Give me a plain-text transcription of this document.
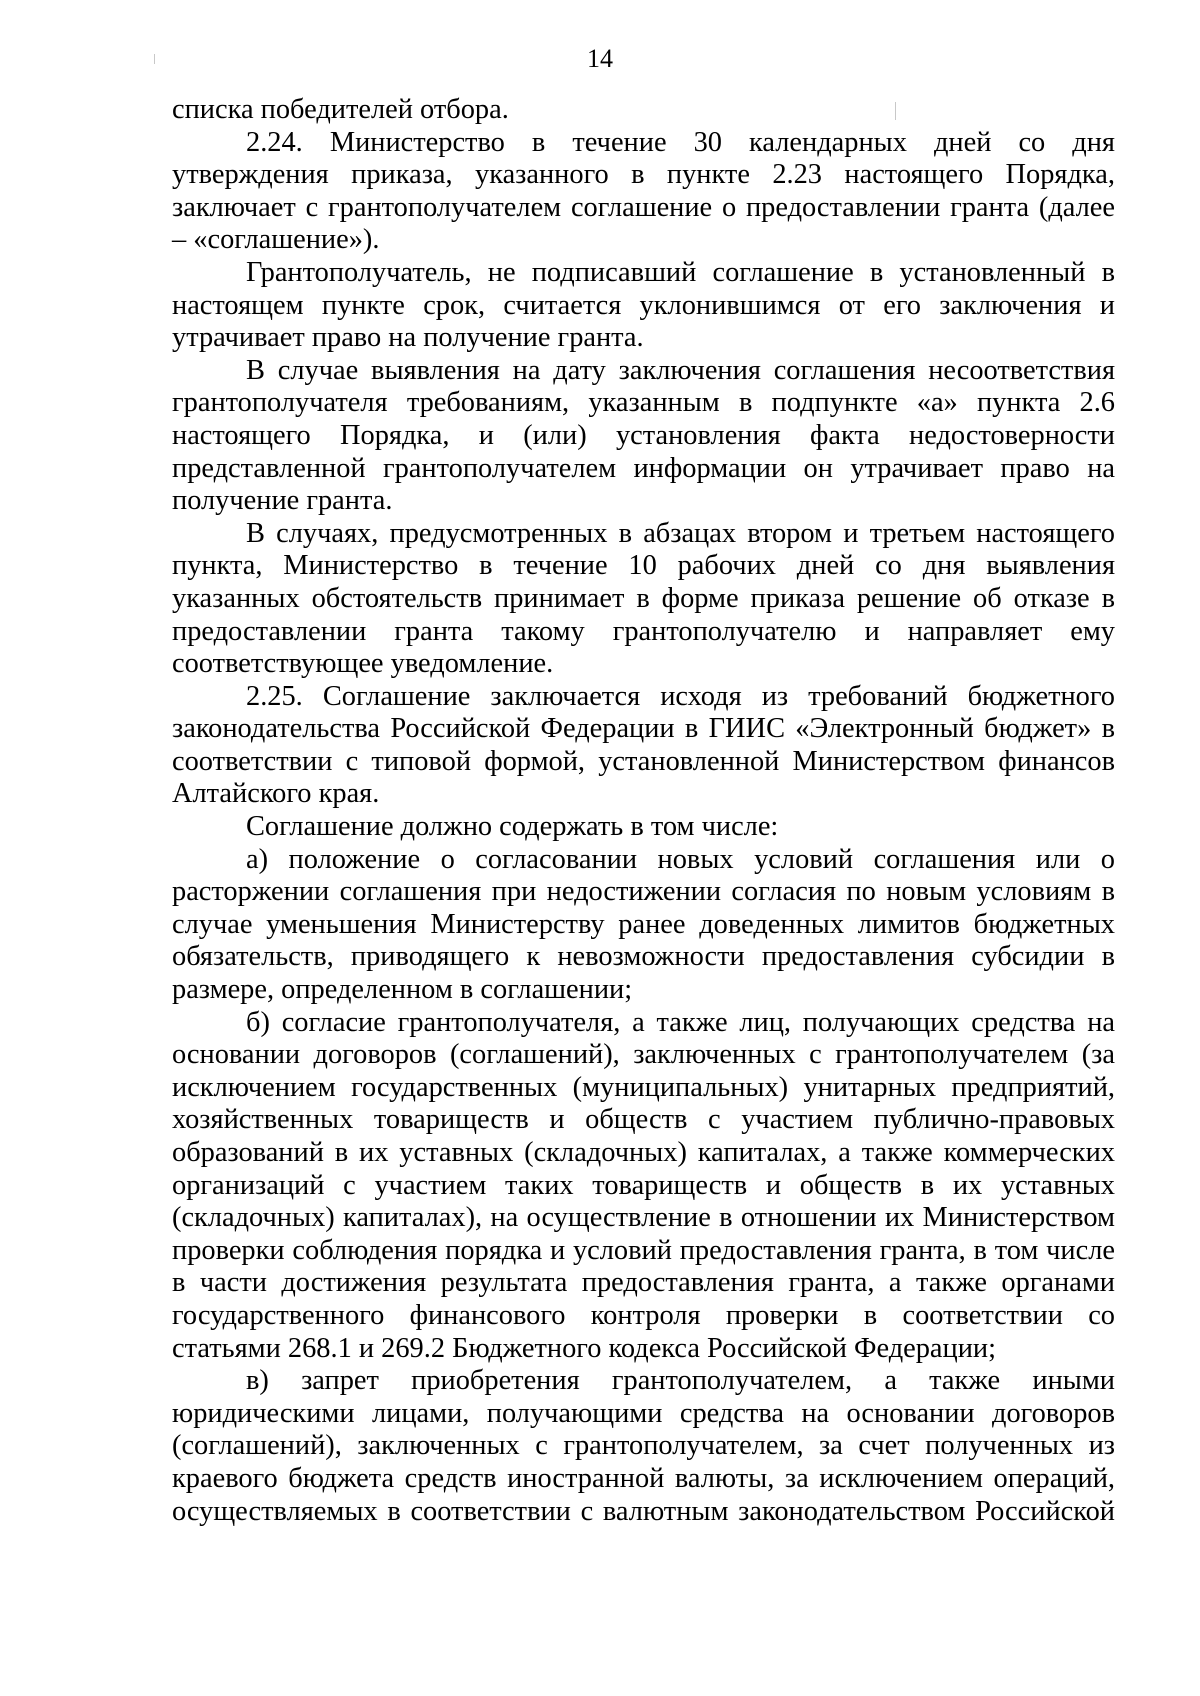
14

списка победителей отбора.

2.24. Министерство в течение 30 календарных дней со дня утверждения приказа, указанного в пункте 2.23 настоящего Порядка, заключает с грантополучателем соглашение о предоставлении гранта (далее – «соглашение»).

Грантополучатель, не подписавший соглашение в установленный в настоящем пункте срок, считается уклонившимся от его заключения и утрачивает право на получение гранта.

В случае выявления на дату заключения соглашения несоответствия грантополучателя требованиям, указанным в подпункте «а» пункта 2.6 настоящего Порядка, и (или) установления факта недостоверности представленной грантополучателем информации он утрачивает право на получение гранта.

В случаях, предусмотренных в абзацах втором и третьем настоящего пункта, Министерство в течение 10 рабочих дней со дня выявления указанных обстоятельств принимает в форме приказа решение об отказе в предоставлении гранта такому грантополучателю и направляет ему соответствующее уведомление.

2.25. Соглашение заключается исходя из требований бюджетного законодательства Российской Федерации в ГИИС «Электронный бюджет» в соответствии с типовой формой, установленной Министерством финансов Алтайского края.

Соглашение должно содержать в том числе:

а) положение о согласовании новых условий соглашения или о расторжении соглашения при недостижении согласия по новым условиям в случае уменьшения Министерству ранее доведенных лимитов бюджетных обязательств, приводящего к невозможности предоставления субсидии в размере, определенном в соглашении;

б) согласие грантополучателя, а также лиц, получающих средства на основании договоров (соглашений), заключенных с грантополучателем (за исключением государственных (муниципальных) унитарных предприятий, хозяйственных товариществ и обществ с участием публично-правовых образований в их уставных (складочных) капиталах, а также коммерческих организаций с участием таких товариществ и обществ в их уставных (складочных) капиталах), на осуществление в отношении их Министерством проверки соблюдения порядка и условий предоставления гранта, в том числе в части достижения результата предоставления гранта, а также органами государственного финансового контроля проверки в соответствии со статьями 268.1 и 269.2 Бюджетного кодекса Российской Федерации;

в) запрет приобретения грантополучателем, а также иными юридическими лицами, получающими средства на основании договоров (соглашений), заключенных с грантополучателем, за счет полученных из краевого бюджета средств иностранной валюты, за исключением операций, осуществляемых в соответствии с валютным законодательством Российской
